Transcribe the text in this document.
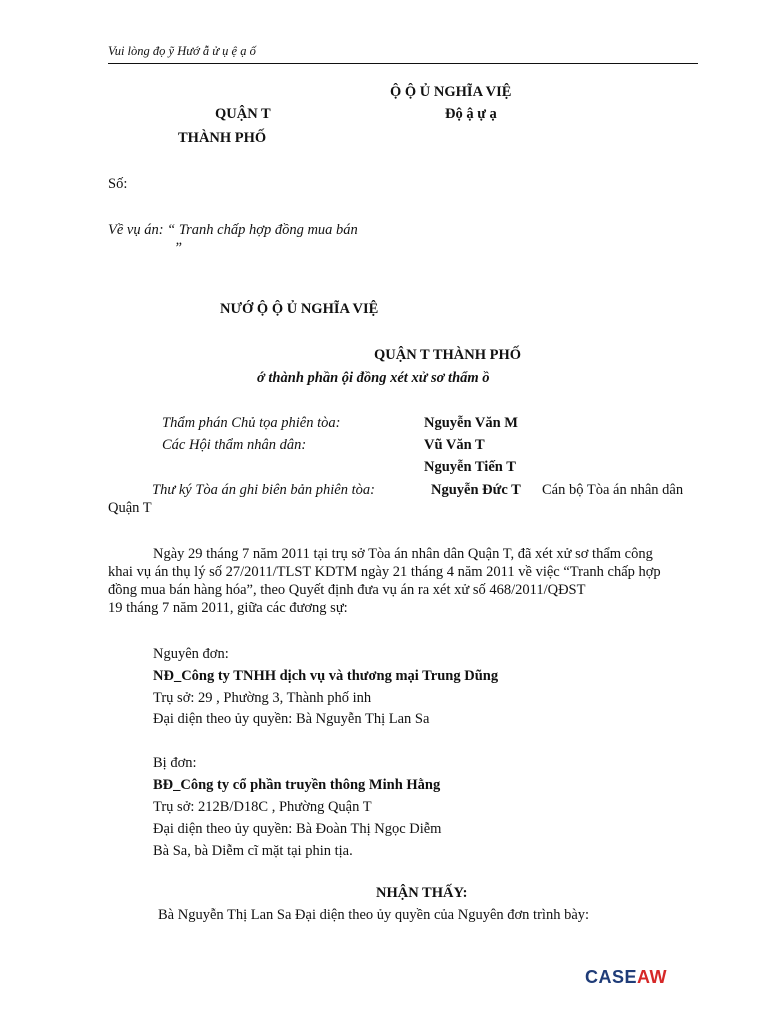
Vui lòng đọ ỹ Hướ ẫ ử ụ ệ ạ ố
QUẬN T
THÀNH PHỐ
Ộ Ộ Ủ NGHĨA VIỆ
Độ ậ ự ạ
Số:
Về vụ án: “ Tranh chấp hợp đồng mua bán
”
NƯỚ Ộ Ộ Ủ NGHĨA VIỆ
QUẬN T THÀNH PHỐ
ớ thành phần ội đồng xét xử sơ thẩm ồ
Thẩm phán Chủ tọa phiên tòa:	Nguyễn Văn M
Các Hội thẩm nhân dân:	Vũ Văn T
Nguyễn Tiến T
Thư ký Tòa án ghi biên bản phiên tòa:	Nguyễn Đức T Cán bộ Tòa án nhân dân
Quận T
Ngày 29 tháng 7 năm 2011 tại trụ sở Tòa án nhân dân Quận T, đã xét xử sơ thẩm công
khai vụ án thụ lý số 27/2011/TLST KDTM ngày 21 tháng 4 năm 2011 về việc “Tranh chấp hợp
đồng mua bán hàng hóa”, theo Quyết định đưa vụ án ra xét xử số 468/2011/QĐST
19 tháng 7 năm 2011, giữa các đương sự:
Nguyên đơn:
NĐ_Công ty TNHH dịch vụ và thương mại Trung Dũng
Trụ sở: 29 , Phường 3, Thành phố inh
Đại diện theo ủy quyền: Bà Nguyễn Thị Lan Sa
Bị đơn:
BĐ_Công ty cổ phần truyền thông Minh Hằng
Trụ sở: 212B/D18C , Phường Quận T
Đại diện theo ủy quyền: Bà Đoàn Thị Ngọc Diễm
Bà Sa, bà Diễm cĩ mặt tại phin tịa.
NHẬN THẤY:
Bà Nguyễn Thị Lan Sa Đại diện theo ủy quyền của Nguyên đơn trình bày:
CASEAW
